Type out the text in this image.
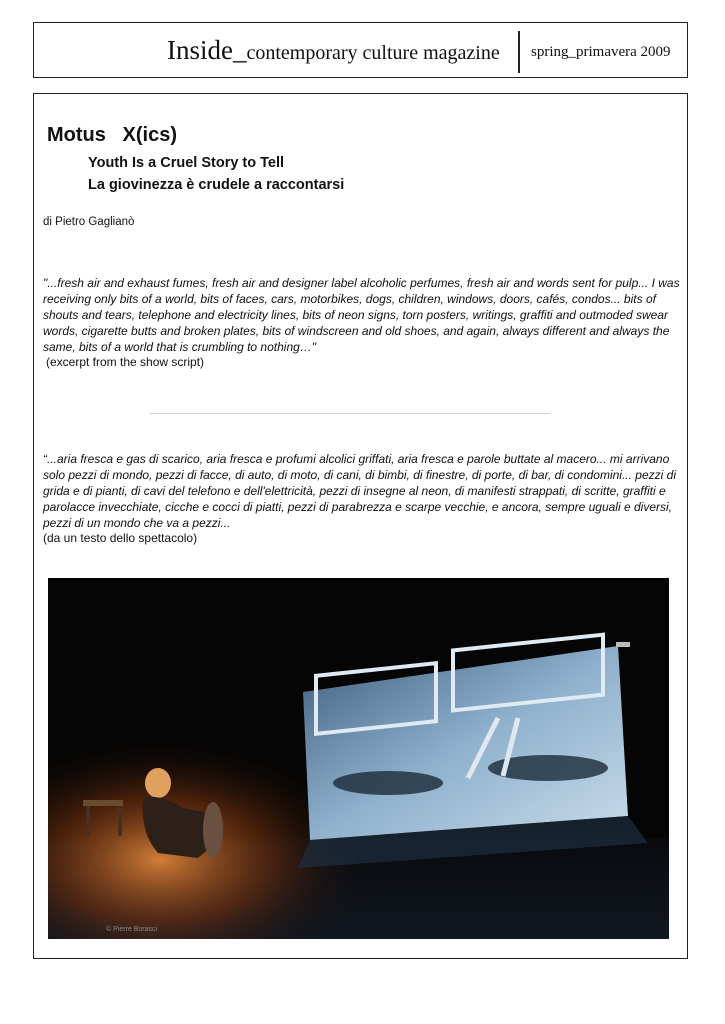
Inside_contemporary culture magazine spring_primavera 2009
Motus   X(ics)
Youth Is a Cruel Story to Tell
La giovinezza è crudele a raccontarsi
di Pietro Gaglianò

"...fresh air and exhaust fumes, fresh air and designer label alcoholic perfumes, fresh air and words sent for pulp... I was receiving only bits of a world, bits of faces, cars, motorbikes, dogs, children, windows, doors, cafés, condos... bits of shouts and tears, telephone and electricity lines, bits of neon signs, torn posters, writings, graffiti and outmoded swear words, cigarette butts and broken plates, bits of windscreen and old shoes, and again, always different and always the same, bits of a world that is crumbling to nothing…"

(excerpt from the show script)

“...aria fresca e gas di scarico, aria fresca e profumi alcolici griffati, aria fresca e parole buttate al macero... mi arrivano solo pezzi di mondo, pezzi di facce, di auto, di moto, di cani, di bimbi, di finestre, di porte, di bar, di condomini... pezzi di grida e di pianti, di cavi del telefono e dell'elettricità, pezzi di insegne al neon, di manifesti strappati, di scritte, graffiti e parolacce invecchiate, cicche e cocci di piatti, pezzi di parabrezza e scarpe vecchie, e ancora, sempre uguali e diversi, pezzi di un mondo che va a pezzi...

(da un testo dello spettacolo)
© Pierre Borasci
